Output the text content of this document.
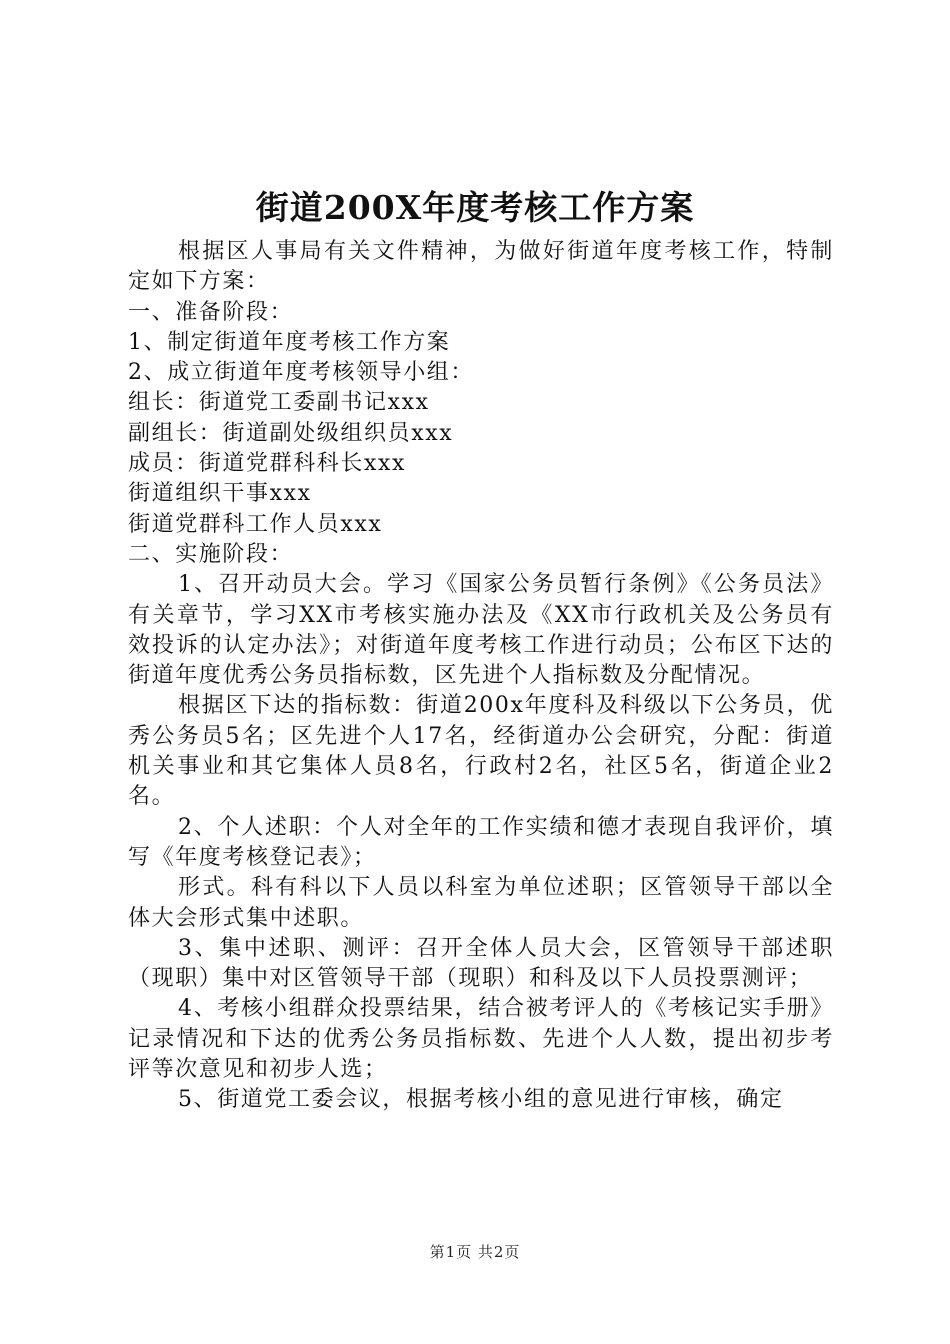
街道200X年度考核工作方案

根据区人事局有关文件精神，为做好街道年度考核工作，特制定如下方案：

一、准备阶段：

1、制定街道年度考核工作方案

2、成立街道年度考核领导小组：

组长：街道党工委副书记xxx

副组长：街道副处级组织员xxx

成员：街道党群科科长xxx

街道组织干事xxx

街道党群科工作人员xxx

二、实施阶段：

1、召开动员大会。学习《国家公务员暂行条例》《公务员法》有关章节，学习XX市考核实施办法及《XX市行政机关及公务员有效投诉的认定办法》；对街道年度考核工作进行动员；公布区下达的街道年度优秀公务员指标数，区先进个人指标数及分配情况。

根据区下达的指标数：街道200x年度科及科级以下公务员，优秀公务员5名；区先进个人17名，经街道办公会研究，分配：街道机关事业和其它集体人员8名，行政村2名，社区5名，街道企业2名。

2、个人述职：个人对全年的工作实绩和德才表现自我评价，填写《年度考核登记表》；

形式。科有科以下人员以科室为单位述职；区管领导干部以全体大会形式集中述职。

3、集中述职、测评：召开全体人员大会，区管领导干部述职（现职）集中对区管领导干部（现职）和科及以下人员投票测评；

4、考核小组群众投票结果，结合被考评人的《考核记实手册》记录情况和下达的优秀公务员指标数、先进个人人数，提出初步考评等次意见和初步人选；

5、街道党工委会议，根据考核小组的意见进行审核，确定

第1页 共2页
